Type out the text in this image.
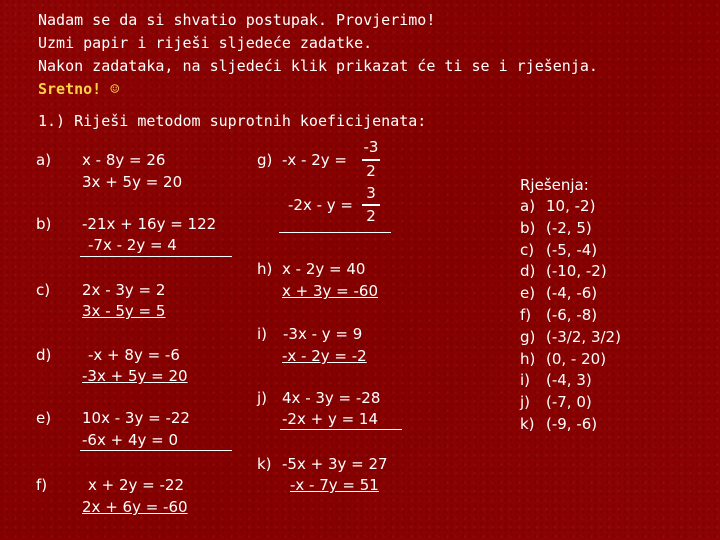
Nadam se da si shvatio postupak. Provjerimo!
Uzmi papir i riješi sljedeće zadatke.
Nakon zadataka, na sljedeći klik prikazat će ti se i rješenja.
Sretno! ☺
1.) Riješi metodom suprotnih koeficijenata:
a) x - 8y = 26
3x + 5y = 20
b) -21x + 16y = 122
-7x - 2y = 4
c) 2x - 3y = 2
3x - 5y = 5
d) -x + 8y = -6
-3x + 5y = 20
e) 10x - 3y = -22
-6x + 4y = 0
f)	x + 2y = -22
2x + 6y = -60
g) -x - 2y =
-3
2
-2x - y =
3
2
h) x - 2y = 40
x + 3y = -60
i) -3x - y = 9
-x - 2y = -2
j) 4x - 3y = -28
-2x + y = 14
k) -5x + 3y = 27
-x - 7y = 51
Rješenja:
a) 10, -2)
b) (-2, 5)
c) (-5, -4)
d) (-10, -2)
e) (-4, -6)
f) (-6, -8)
g) (-3/2, 3/2)
h) (0, - 20)
i) (-4, 3)
j) (-7, 0)
k) (-9, -6)
